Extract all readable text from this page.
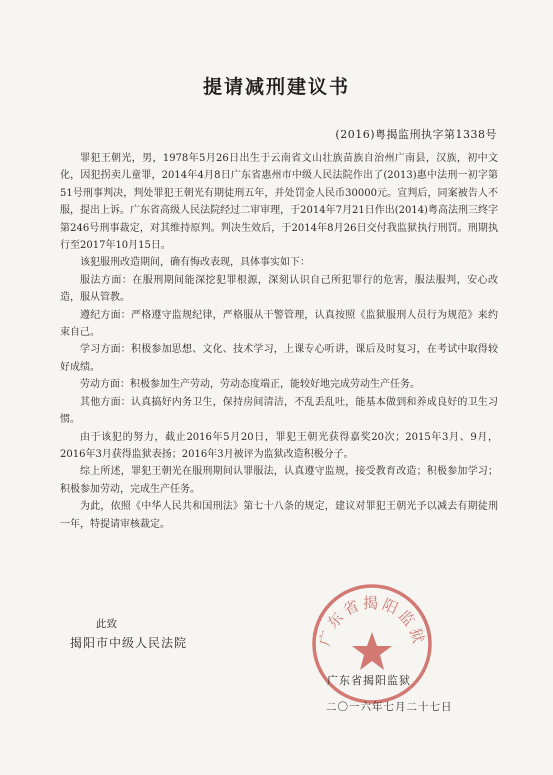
提请减刑建议书
(2016)粤揭监刑执字第1338号

罪犯王朝光，男，1978年5月26日出生于云南省文山壮族苗族自治州广南县，汉族，初中文化，因犯拐卖儿童罪，2014年4月8日广东省惠州市中级人民法院作出了(2013)惠中法刑一初字第51号刑事判决，判处罪犯王朝光有期徒刑五年，并处罚金人民币30000元。宣判后，同案被告人不服，提出上诉。广东省高级人民法院经过二审审理，于2014年7月21日作出(2014)粤高法刑三终字第246号刑事裁定，对其维持原判。判决生效后，于2014年8月26日交付我监狱执行刑罚。刑期执行至2017年10月15日。

该犯服刑改造期间，确有悔改表现，具体事实如下：

服法方面：在服刑期间能深挖犯罪根源，深刻认识自己所犯罪行的危害，服法服判，安心改造，服从管教。

遵纪方面：严格遵守监规纪律，严格服从干警管理，认真按照《监狱服刑人员行为规范》来约束自己。

学习方面：积极参加思想、文化、技术学习，上课专心听讲，课后及时复习，在考试中取得较好成绩。

劳动方面：积极参加生产劳动，劳动态度端正，能较好地完成劳动生产任务。

其他方面：认真搞好内务卫生，保持房间清洁，不乱丢乱吐，能基本做到和养成良好的卫生习惯。

由于该犯的努力，截止2016年5月20日，罪犯王朝光获得嘉奖20次；2015年3月、9月，2016年3月获得监狱表扬；2016年3月被评为监狱改造积极分子。

综上所述，罪犯王朝光在服刑期间认罪服法，认真遵守监规，接受教育改造；积极参加学习；积极参加劳动，完成生产任务。

为此，依照《中华人民共和国刑法》第七十八条的规定，建议对罪犯王朝光予以减去有期徒刑一年，特提请审核裁定。

此致
揭阳市中级人民法院	广东省揭阳监狱
广东省揭阳监狱
二〇一六年七月二十七日
